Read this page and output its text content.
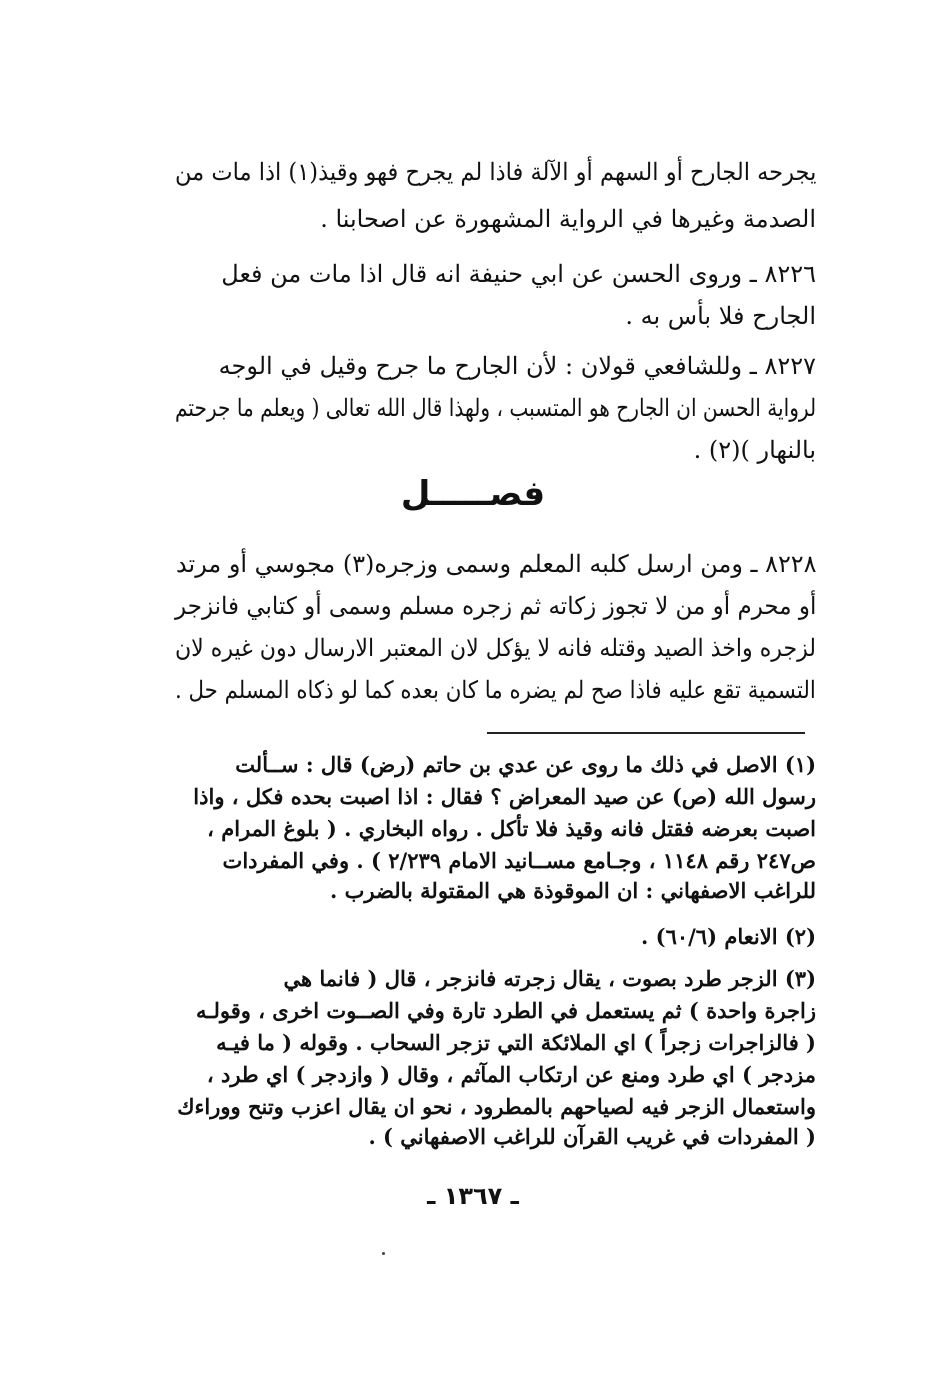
يجرحه الجارح أو السهم أو الآلة فاذا لم يجرح فهو وقيذ(١) اذا مات من
الصدمة وغيرها في الرواية المشهورة عن اصحابنا .
٨٢٢٦ ـ وروى الحسن عن ابي حنيفة انه قال اذا مات من فعل
الجارح فلا بأس به .
٨٢٢٧ ـ وللشافعي قولان : لأن الجارح ما جرح وقيل في الوجه
لرواية الحسن ان الجارح هو المتسبب ، ولهذا قال الله تعالى ( ويعلم ما جرحتم
بالنهار )(٢) .
فصـــــل
٨٢٢٨ ـ ومن ارسل كلبه المعلم وسمى وزجره(٣) مجوسي أو مرتد
أو محرم أو من لا تجوز زكاته ثم زجره مسلم وسمى أو كتابي فانزجر
لزجره واخذ الصيد وقتله فانه لا يؤكل لان المعتبر الارسال دون غيره لان
التسمية تقع عليه فاذا صح لم يضره ما كان بعده كما لو ذكاه المسلم حل .
(١) الاصل في ذلك ما روى عن عدي بن حاتم (رض) قال : ســألت
رسول الله (ص) عن صيد المعراض ؟ فقال : اذا اصبت بحده فكل ، واذا
اصبت بعرضه فقتل فانه وقيذ فلا تأكل . رواه البخاري . ( بلوغ المرام ،
ص٢٤٧ رقم ١١٤٨ ، وجـامع مســانيد الامام ٢/٢٣٩ ) . وفي المفردات
للراغب الاصفهاني : ان الموقوذة هي المقتولة بالضرب .
(٢) الانعام (٦٠/٦) .
(٣) الزجر طرد بصوت ، يقال زجرته فانزجر ، قال ( فانما هي
زاجرة واحدة ) ثم يستعمل في الطرد تارة وفي الصــوت اخرى ، وقولـه
( فالزاجرات زجراً ) اي الملائكة التي تزجر السحاب . وقوله ( ما فيـه
مزدجر ) اي طرد ومنع عن ارتكاب المآثم ، وقال ( وازدجر ) اي طرد ،
واستعمال الزجر فيه لصياحهم بالمطرود ، نحو ان يقال اعزب وتنح ووراءك
( المفردات في غريب القرآن للراغب الاصفهاني ) .
ـ ١٣٦٧ ـ
